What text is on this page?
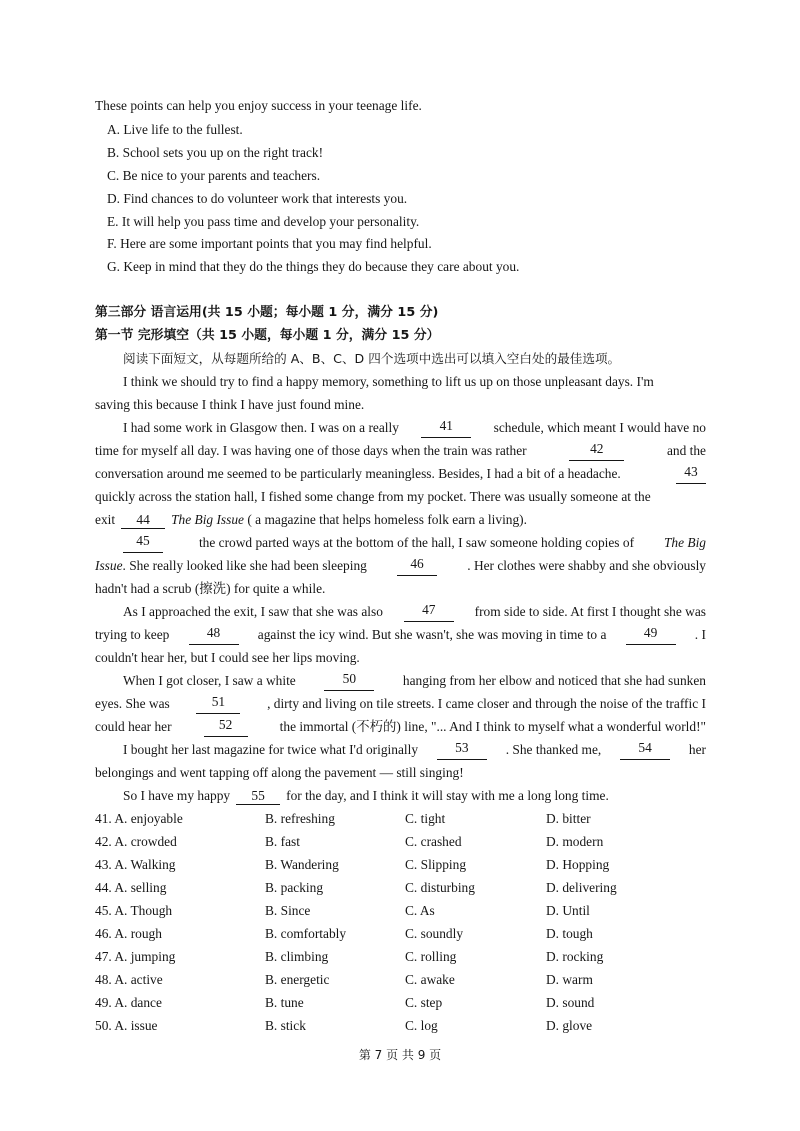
These points can help you enjoy success in your teenage life.
A. Live life to the fullest.
B. School sets you up on the right track!
C. Be nice to your parents and teachers.
D. Find chances to do volunteer work that interests you.
E. It will help you pass time and develop your personality.
F. Here are some important points that you may find helpful.
G. Keep in mind that they do the things they do because they care about you.
第三部分 语言运用(共 15 小题；每小题 1 分，满分 15 分)
第一节 完形填空（共 15 小题，每小题 1 分，满分 15 分）
阅读下面短文，从每题所给的 A、B、C、D 四个选项中选出可以填入空白处的最佳选项。
I think we should try to find a happy memory, something to lift us up on those unpleasant days. I'm
saving this because I think I have just found mine.
I had some work in Glasgow then. I was on a really	41	schedule, which meant I would have no
time for myself all day. I was having one of those days when the train was rather	42	and the
conversation around me seemed to be particularly meaningless. Besides, I had a bit of a headache.	43
quickly across the station hall, I fished some change from my pocket. There was usually someone at the
exit 44 The Big Issue ( a magazine that helps homeless folk earn a living).
45	the crowd parted ways at the bottom of the hall, I saw someone holding copies of The Big
Issue. She really looked like she had been sleeping	46	. Her clothes were shabby and she obviously
hadn't had a scrub (擦洗) for quite a while.
As I approached the exit, I saw that she was also	47	from side to side. At first I thought she was
trying to keep	48	against the icy wind. But she wasn't, she was moving in time to a	49	. I
couldn't hear her, but I could see her lips moving.
When I got closer, I saw a white	50	hanging from her elbow and noticed that she had sunken
eyes. She was	51	, dirty and living on tile streets. I came closer and through the noise of the traffic I
could hear her	52	the immortal (不朽的) line, "... And I think to myself what a wonderful world!"
I bought her last magazine for twice what I'd originally	53	. She thanked me,	54	her
belongings and went tapping off along the pavement — still singing!
So I have my happy 55 for the day, and I think it will stay with me a long long time.
41. A. enjoyable	B. refreshing	C. tight	D. bitter
42. A. crowded	B. fast	C. crashed	D. modern
43. A. Walking	B. Wandering	C. Slipping	D. Hopping
44. A. selling	B. packing	C. disturbing	D. delivering
45. A. Though	B. Since	C. As	D. Until
46. A. rough	B. comfortably	C. soundly	D. tough
47. A. jumping	B. climbing	C. rolling	D. rocking
48. A. active	B. energetic	C. awake	D. warm
49. A. dance	B. tune	C. step	D. sound
50. A. issue	B. stick	C. log	D. glove
第 7 页 共 9 页
